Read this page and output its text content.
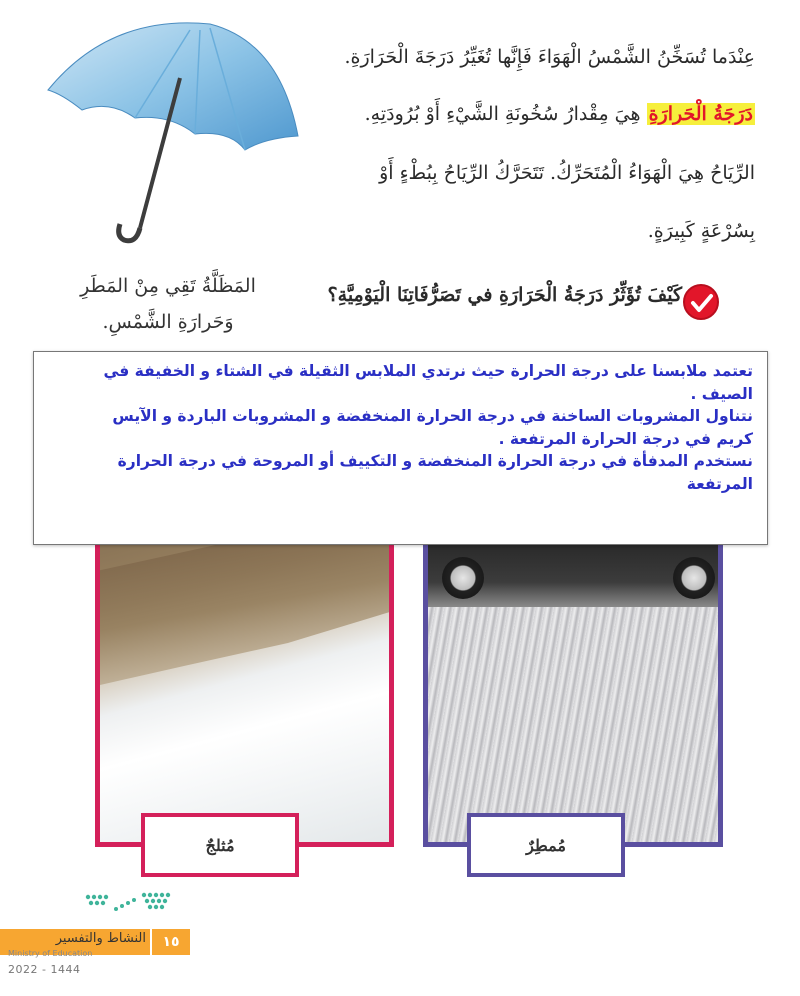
عِنْدَما تُسَخِّنُ الشَّمْسُ الْهَوَاءَ فَإِنَّها تُغَيِّرُ دَرَجَةَ الْحَرَارَةِ.
دَرَجَةُ الْحَرارَةِ هِيَ مِقْدارُ سُخُونَةِ الشَّيْءِ أَوْ بُرُودَتِهِ.
الرِّيَاحُ هِيَ الْهَوَاءُ الْمُتَحَرِّكُ. تَتَحَرَّكُ الرِّيَاحُ بِبُطْءٍ أَوْ
بِسُرْعَةٍ كَبِيرَةٍ.
كَيْفَ تُؤَثِّرُ دَرَجَةُ الْحَرَارَةِ في تَصَرُّفَاتِنَا الْيَوْمِيَّةِ؟
المَظَلَّةُ تَقِي مِنْ المَطَرِ
وَحَرارَةِ الشَّمْسِ.
مُثلجٌ	مُمطِرٌ
تعتمد ملابسنا على درجة الحرارة حيث نرتدي الملابس الثقيلة في الشتاء و الخفيفة في
الصيف .
نتناول المشروبات الساخنة في درجة الحرارة المنخفضة و المشروبات الباردة و الآيس
كريم في درجة الحرارة المرتفعة .
نستخدم المدفأة في درجة الحرارة المنخفضة و التكييف أو المروحة في درجة الحرارة
المرتفعة
١٥
النشاط والتفسير
Ministry of Education
2022 - 1444
